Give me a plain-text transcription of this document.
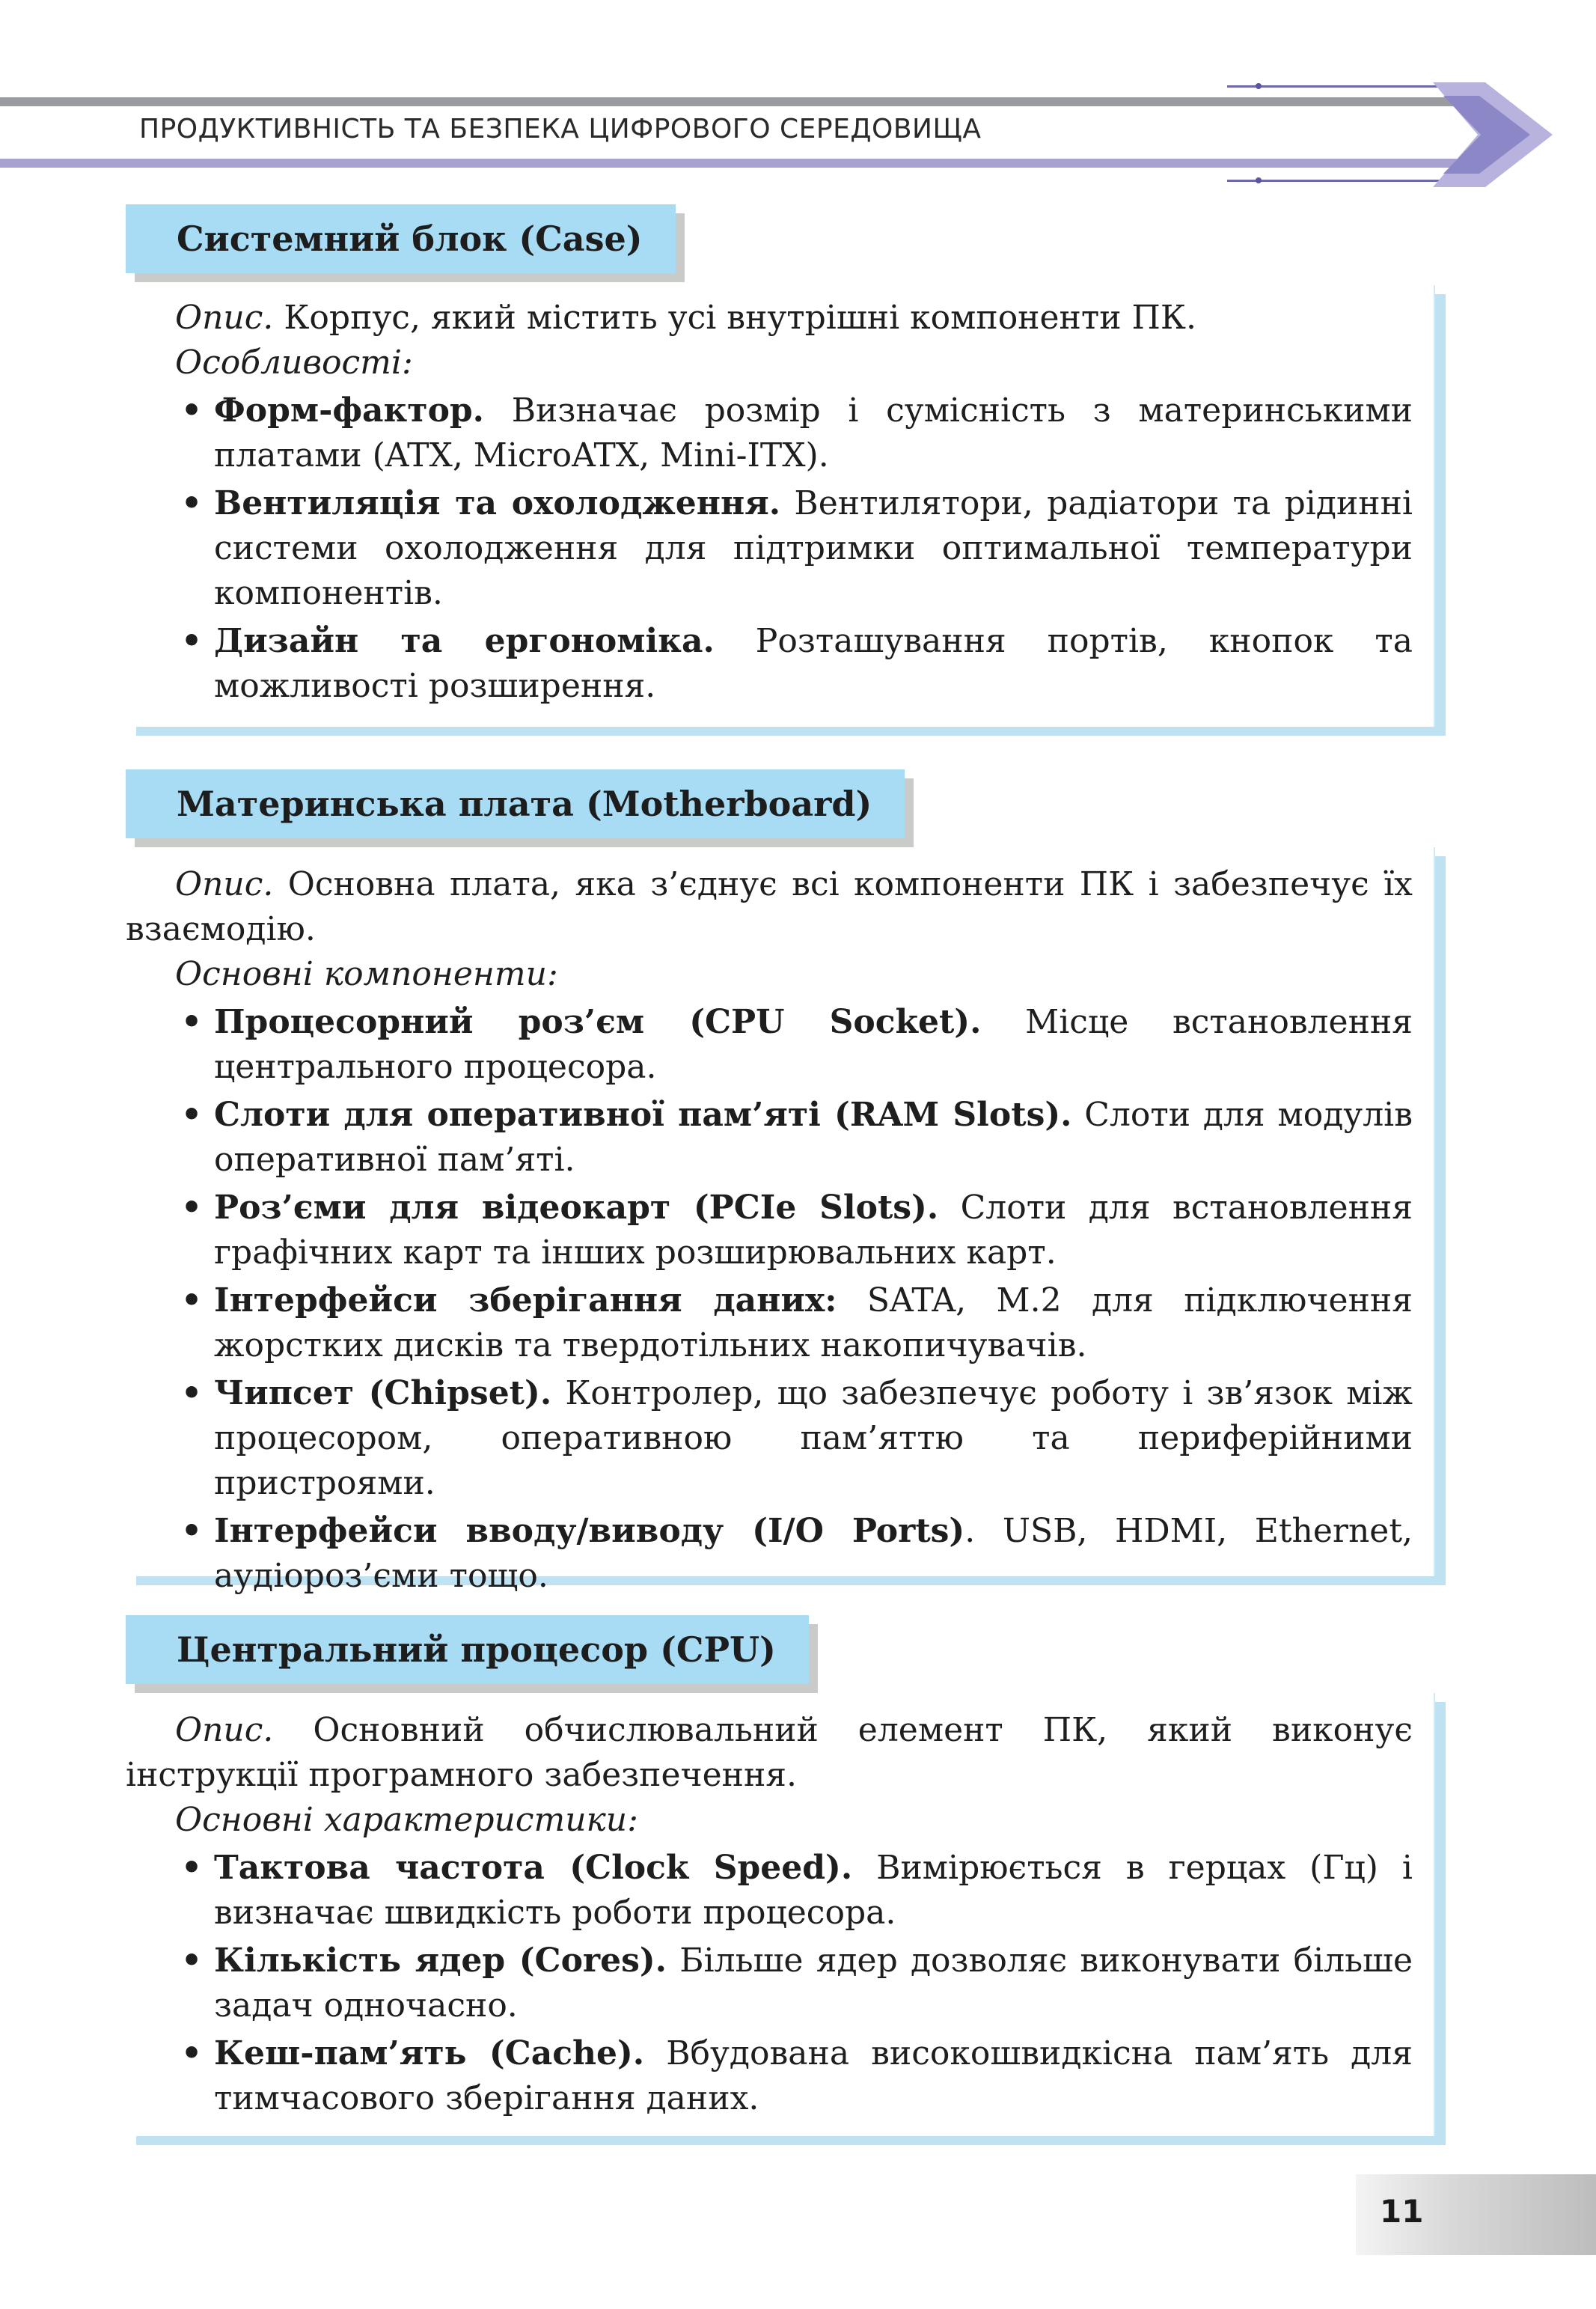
ПРОДУКТИВНІСТЬ ТА БЕЗПЕКА ЦИФРОВОГО СЕРЕДОВИЩА
Системний блок (Case)

Опис. Корпус, який містить усі внутрішні компоненти ПК.

Особливості:

• Форм-фактор. Визначає розмір і сумісність з материнськими платами (ATX, MicroATX, Mini-ITX).
• Вентиляція та охолодження. Вентилятори, радіатори та рідинні системи охолодження для підтримки оптимальної температури компонентів.
• Дизайн та ергономіка. Розташування портів, кнопок та можливості розширення.
Материнська плата (Motherboard)

Опис. Основна плата, яка з’єднує всі компоненти ПК і забезпечує їх взаємодію.

Основні компоненти:

• Процесорний роз’єм (CPU Socket). Місце встановлення центрального процесора.
• Слоти для оперативної пам’яті (RAM Slots). Слоти для модулів оперативної пам’яті.
• Роз’єми для відеокарт (PCIe Slots). Слоти для встановлення графічних карт та інших розширювальних карт.
• Інтерфейси зберігання даних: SATA, M.2 для підключення жорстких дисків та твердотільних накопичувачів.
• Чипсет (Chipset). Контролер, що забезпечує роботу і зв’язок між процесором, оперативною пам’яттю та периферійними пристроями.
• Інтерфейси вводу/виводу (I/O Ports). USB, HDMI, Ethernet, аудіороз’єми тощо.
Центральний процесор (CPU)

Опис. Основний обчислювальний елемент ПК, який виконує інструкції програмного забезпечення.

Основні характеристики:

• Тактова частота (Clock Speed). Вимірюється в герцах (Гц) і визначає швидкість роботи процесора.
• Кількість ядер (Cores). Більше ядер дозволяє виконувати більше задач одночасно.
• Кеш-пам’ять (Cache). Вбудована високошвидкісна пам’ять для тимчасового зберігання даних.
11
